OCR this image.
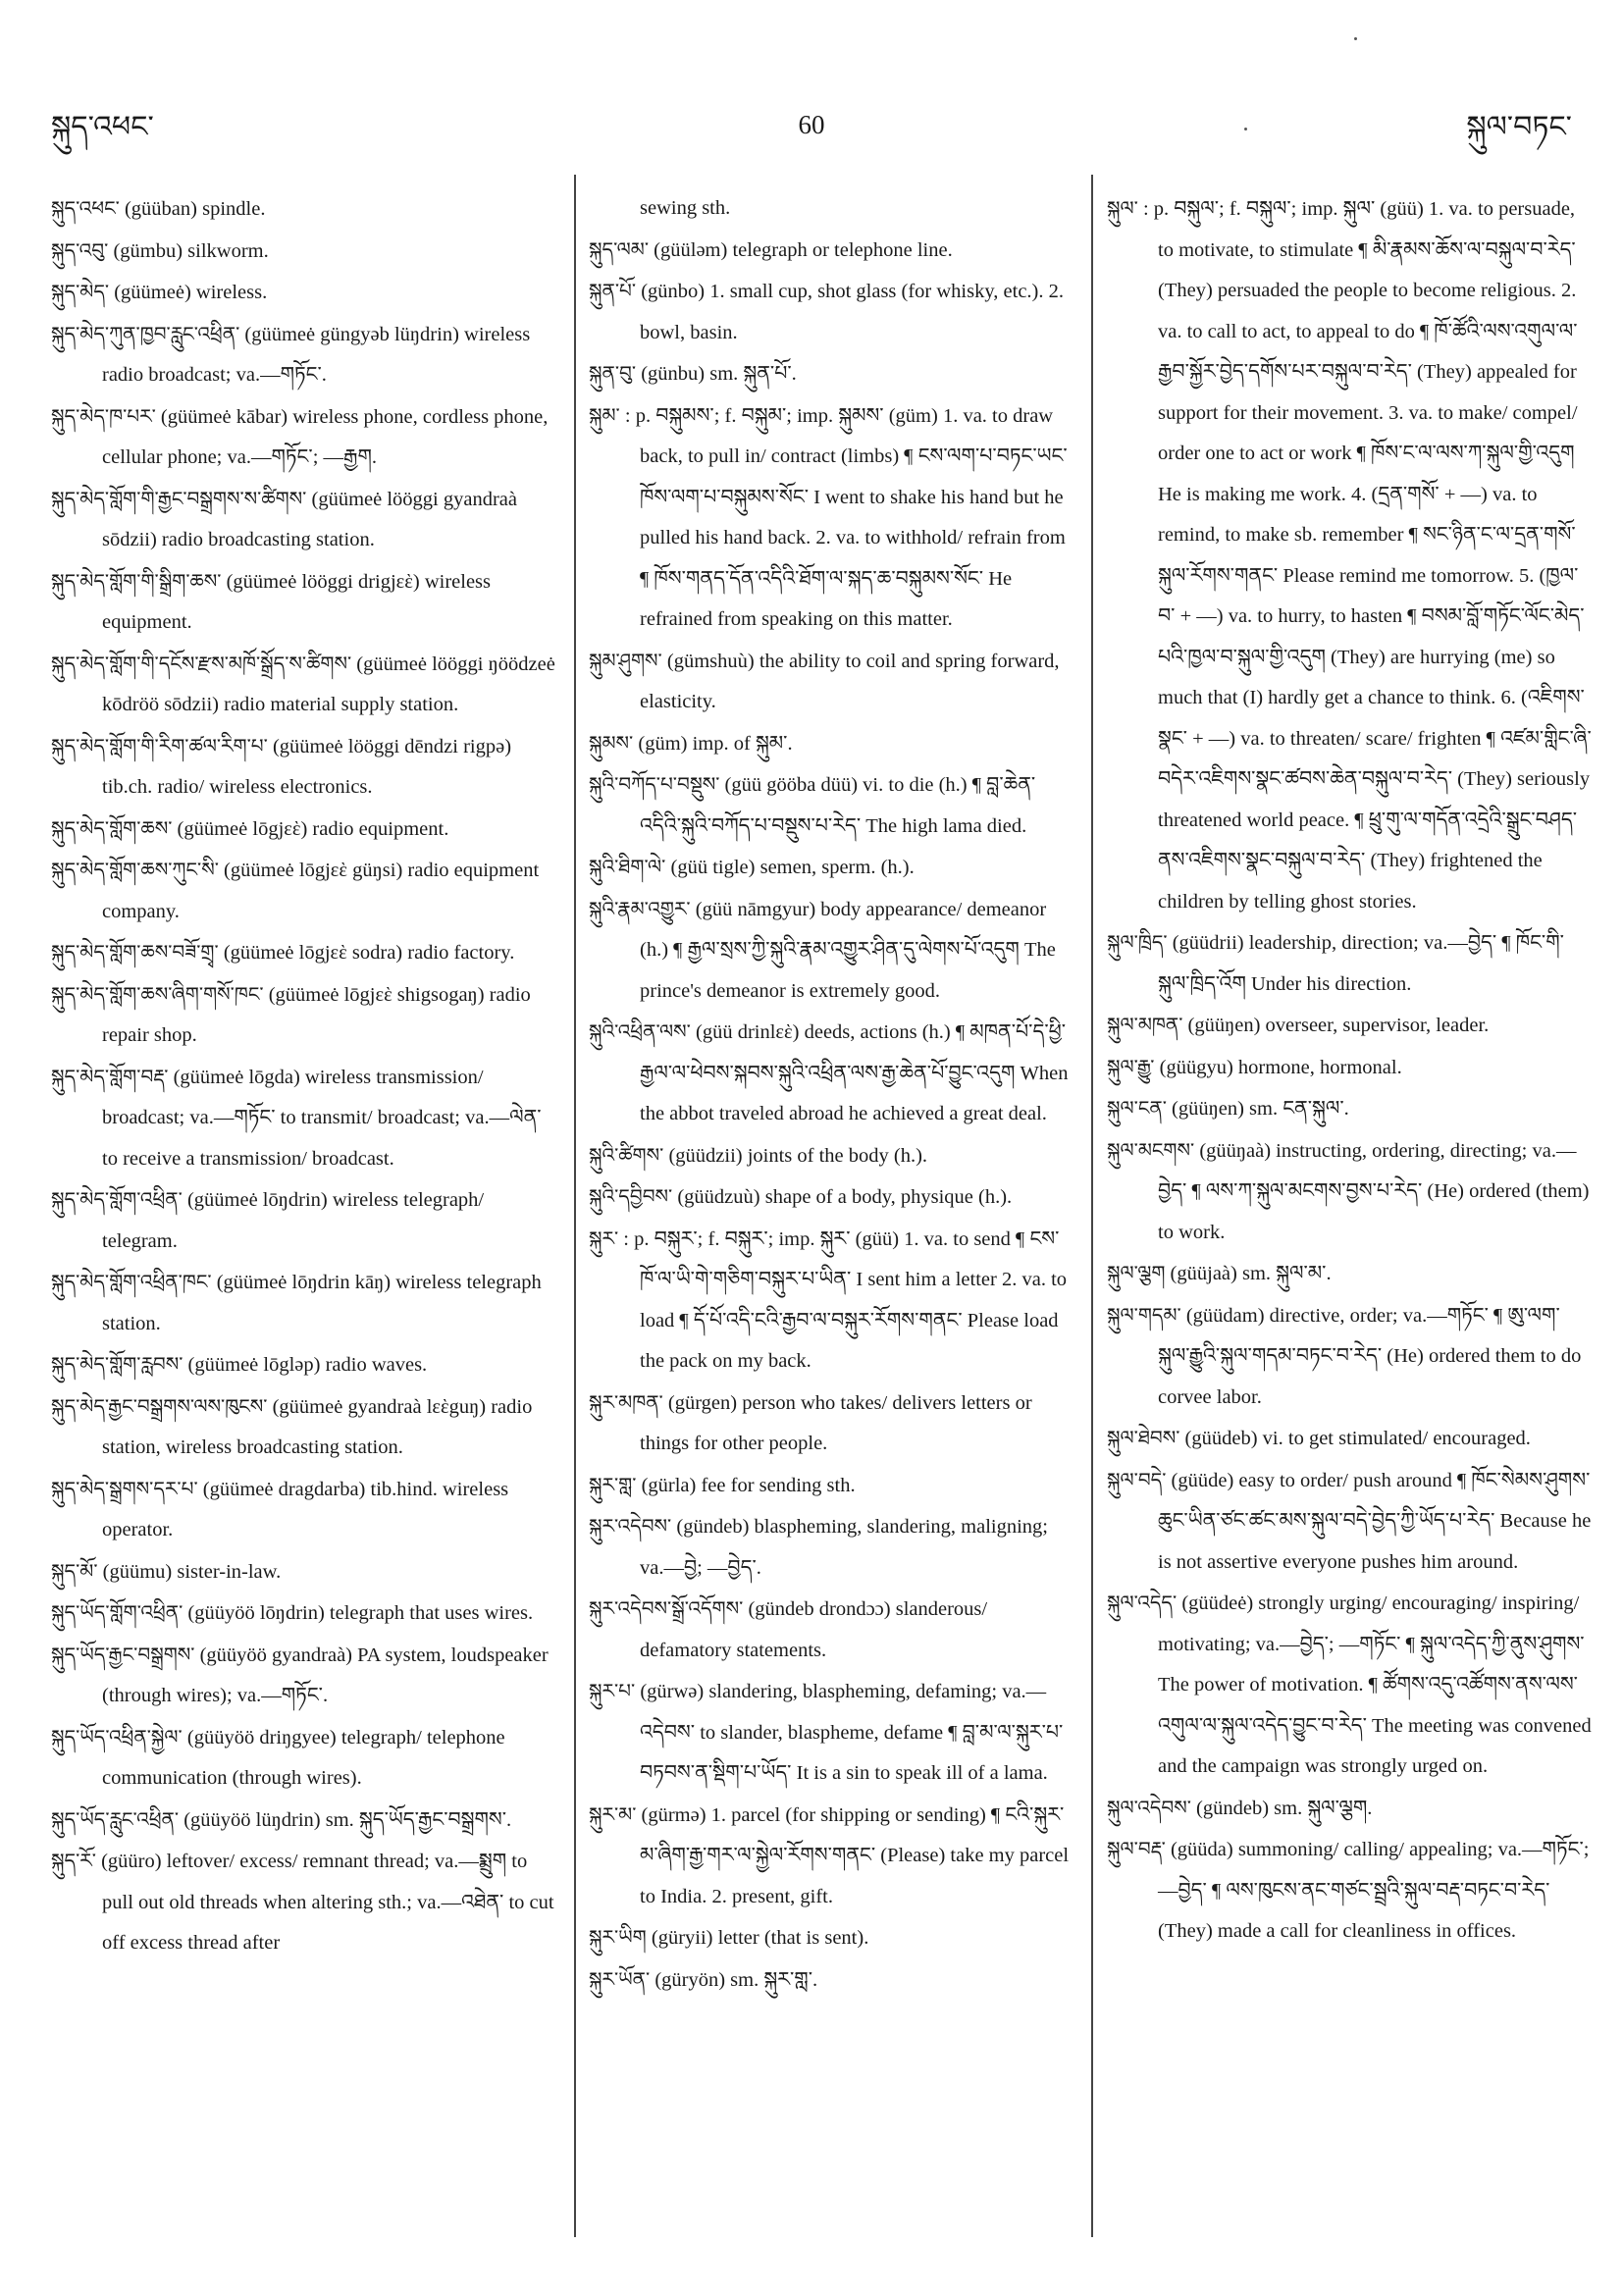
སྐུད་འཕང་	60	སྐུལ་བཏང་

སྐུད་འཕང་ (güüban) spindle.

སྐུད་འབུ་ (gümbu) silkworm.

སྐུད་མེད་ (güümeė) wireless.

སྐུད་མེད་ཀུན་ཁྱབ་རླུང་འཕྲིན་ (güümeė güngyəb lüŋdrin) wireless radio broadcast; va.—གཏོང་.

སྐུད་མེད་ཁ་པར་ (güümeė kābar) wireless phone, cordless phone, cellular phone; va.—གཏོང་; —རྒྱག.

སྐུད་མེད་གློག་གི་རྒྱང་བསྒྲགས་ས་ཚིགས་ (güümeė lööggi gyandraà sōdzii) radio broadcasting station.

སྐུད་མེད་གློག་གི་སྒྲིག་ཆས་ (güümeė lööggi drigjεὲ) wireless equipment.

སྐུད་མེད་གློག་གི་དངོས་རྫས་མཁོ་སྒྲོད་ས་ཚིགས་ (güümeė lööggi ŋöödzeė kōdröö sōdzii) radio material supply station.

སྐུད་མེད་གློག་གི་རིག་ཚལ་རིག་པ་ (güümeė lööggi dēndzi rigpə) tib.ch. radio/ wireless electronics.

སྐུད་མེད་གློག་ཆས་ (güümeė lōgjεὲ) radio equipment.

སྐུད་མེད་གློག་ཆས་ཀུང་སི་ (güümeė lōgjεὲ güŋsi) radio equipment company.

སྐུད་མེད་གློག་ཆས་བཟོ་གྲྭ་ (güümeė lōgjεὲ sodra) radio factory.

སྐུད་མེད་གློག་ཆས་ཞིག་གསོ་ཁང་ (güümeė lōgjεὲ shigsogaŋ) radio repair shop.

སྐུད་མེད་གློག་བརྡ་ (güümeė lōgda) wireless transmission/ broadcast; va.—གཏོང་ to transmit/ broadcast; va.—ལེན་ to receive a transmission/ broadcast.

སྐུད་མེད་གློག་འཕྲིན་ (güümeė lōŋdrin) wireless telegraph/ telegram.

སྐུད་མེད་གློག་འཕྲིན་ཁང་ (güümeė lōŋdrin kāŋ) wireless telegraph station.

སྐུད་མེད་གློག་རླབས་ (güümeė lōgləp) radio waves.

སྐུད་མེད་རྒྱང་བསྒྲགས་ལས་ཁུངས་ (güümeė gyandraà lεὲguŋ) radio station, wireless broadcasting station.

སྐུད་མེད་སྒྲགས་དར་པ་ (güümeė dragdarba) tib.hind. wireless operator.

སྐུད་མོ་ (güümu) sister-in-law.

སྐུད་ཡོད་གློག་འཕྲིན་ (güüyöö lōŋdrin) telegraph that uses wires.

སྐུད་ཡོད་རྒྱང་བསྒྲགས་ (güüyöö gyandraà) PA system, loudspeaker (through wires); va.—གཏོང་.

སྐུད་ཡོད་འཕྲིན་སྐྱེལ་ (güüyöö driŋgyee) telegraph/ telephone communication (through wires).

སྐུད་ཡོད་རླུང་འཕྲིན་ (güüyöö lüŋdrin) sm. སྐུད་ཡོད་རྒྱང་བསྒྲགས་.

སྐུད་རོ་ (güüro) leftover/ excess/ remnant thread; va.—སྨྲུག to pull out old threads when altering sth.; va.—འཐེན་ to cut off excess thread after

sewing sth.

སྐུད་ལམ་ (güüləm) telegraph or telephone line.

སྐུན་པོ་ (günbo) 1. small cup, shot glass (for whisky, etc.). 2. bowl, basin.

སྐུན་བུ་ (günbu) sm. སྐུན་པོ་.

སྐུམ་ : p. བསྐུམས་; f. བསྐུམ་; imp. སྐུམས་ (güm) 1. va. to draw back, to pull in/ contract (limbs) ¶ ངས་ལག་པ་བཏང་ཡང་ཁོས་ལག་པ་བསྐུམས་སོང་ I went to shake his hand but he pulled his hand back. 2. va. to withhold/ refrain from ¶ ཁོས་གནད་དོན་འདིའི་ཐོག་ལ་སྐད་ཆ་བསྐུམས་སོང་ He refrained from speaking on this matter.

སྐུམ་ཤུགས་ (gümshuù) the ability to coil and spring forward, elasticity.

སྐུམས་ (güm) imp. of སྐུམ་.

སྐུའི་བཀོད་པ་བསྡུས་ (güü gööba düü) vi. to die (h.) ¶ བླ་ཆེན་འདིའི་སྐུའི་བཀོད་པ་བསྡུས་པ་རེད་ The high lama died.

སྐུའི་ཐིག་ལེ་ (güü tigle) semen, sperm. (h.).

སྐུའི་རྣམ་འགྱུར་ (güü nāmgyur) body appearance/ demeanor (h.) ¶ རྒྱལ་སྲས་ཀྱི་སྐུའི་རྣམ་འགྱུར་ཤིན་དུ་ལེགས་པོ་འདུག The prince's demeanor is extremely good.

སྐུའི་འཕྲིན་ལས་ (güü drinlεὲ) deeds, actions (h.) ¶ མཁན་པོ་དེ་ཕྱི་རྒྱལ་ལ་ཕེབས་སྐབས་སྐུའི་འཕྲིན་ལས་རྒྱ་ཆེན་པོ་བྱུང་འདུག When the abbot traveled abroad he achieved a great deal.

སྐུའི་ཚིགས་ (güüdzii) joints of the body (h.).

སྐུའི་དབྱིབས་ (güüdzuù) shape of a body, physique (h.).

སྐུར་ : p. བསྐུར་; f. བསྐུར་; imp. སྐུར་ (güü) 1. va. to send ¶ ངས་ཁོ་ལ་ཡི་གེ་གཅིག་བསྐུར་པ་ཡིན་ I sent him a letter 2. va. to load ¶ དོ་པོ་འདི་ངའི་རྒྱབ་ལ་བསྐུར་རོགས་གནང་ Please load the pack on my back.

སྐུར་མཁན་ (gürgen) person who takes/ delivers letters or things for other people.

སྐུར་གླ་ (gürla) fee for sending sth.

སྐུར་འདེབས་ (gündeb) blaspheming, slandering, maligning; va.—བྱེ; —བྱེད་.

སྐུར་འདེབས་སྒྲོ་འདོགས་ (gündeb drondɔɔ) slanderous/ defamatory statements.

སྐུར་པ་ (gürwə) slandering, blaspheming, defaming; va.—འདེབས་ to slander, blaspheme, defame ¶ བླ་མ་ལ་སྐུར་པ་བཏབས་ན་སྡིག་པ་ཡོད་ It is a sin to speak ill of a lama.

སྐུར་མ་ (gürmə) 1. parcel (for shipping or sending) ¶ ངའི་སྐུར་མ་ཞིག་རྒྱ་གར་ལ་སྐྱེལ་རོགས་གནང་ (Please) take my parcel to India. 2. present, gift.

སྐུར་ཡིག (güryii) letter (that is sent).

སྐུར་ཡོན་ (güryön) sm. སྐུར་གླ་.

སྐུལ་ : p. བསྐུལ་; f. བསྐུལ་; imp. སྐུལ་ (güü) 1. va. to persuade, to motivate, to stimulate ¶ མི་རྣམས་ཆོས་ལ་བསྐུལ་བ་རེད་ (They) persuaded the people to become religious. 2. va. to call to act, to appeal to do ¶ ཁོ་ཚོའི་ལས་འགུལ་ལ་རྒྱབ་སྐྱོར་བྱེད་དགོས་པར་བསྐུལ་བ་རེད་ (They) appealed for support for their movement. 3. va. to make/ compel/ order one to act or work ¶ ཁོས་ང་ལ་ལས་ཀ་སྐུལ་གྱི་འདུག He is making me work. 4. (དྲན་གསོ་ + —) va. to remind, to make sb. remember ¶ སང་ཉིན་ང་ལ་དྲན་གསོ་སྐུལ་རོགས་གནང་ Please remind me tomorrow. 5. (ཁྱལ་བ་ + —) va. to hurry, to hasten ¶ བསམ་བློ་གཏོང་ལོང་མེད་པའི་ཁྱལ་བ་སྐུལ་གྱི་འདུག (They) are hurrying (me) so much that (I) hardly get a chance to think. 6. (འཇིགས་སྣང་ + —) va. to threaten/ scare/ frighten ¶ འཛམ་གླིང་ཞི་བདེར་འཇིགས་སྣང་ཚབས་ཆེན་བསྐུལ་བ་རེད་ (They) seriously threatened world peace. ¶ ཕྲུ་གུ་ལ་གདོན་འདྲེའི་སྒྲུང་བཤད་ནས་འཇིགས་སྣང་བསྐུལ་བ་རེད་ (They) frightened the children by telling ghost stories.

སྐུལ་ཁྲིད་ (güüdrii) leadership, direction; va.—བྱེད་ ¶ ཁོང་གི་སྐུལ་ཁྲིད་འོག Under his direction.

སྐུལ་མཁན་ (güüŋen) overseer, supervisor, leader.

སྐུལ་རྒྱུ་ (güügyu) hormone, hormonal.

སྐུལ་ངན་ (güüŋen) sm. ངན་སྐུལ་.

སྐུལ་མངགས་ (güüŋaà) instructing, ordering, directing; va.—བྱེད་ ¶ ལས་ཀ་སྐུལ་མངགས་བྱས་པ་རེད་ (He) ordered (them) to work.

སྐུལ་ལྕག (güüjaà) sm. སྐུལ་མ་.

སྐུལ་གདམ་ (güüdam) directive, order; va.—གཏོང་ ¶ ཨུ་ལག་སྐུལ་རྒྱུའི་སྐུལ་གདམ་བཏང་བ་རེད་ (He) ordered them to do corvee labor.

སྐུལ་ཐེབས་ (güüdeb) vi. to get stimulated/ encouraged.

སྐུལ་བདེ་ (güüde) easy to order/ push around ¶ ཁོང་སེམས་ཤུགས་ཆུང་ཡིན་ཙང་ཚང་མས་སྐུལ་བདེ་བྱེད་ཀྱི་ཡོད་པ་རེད་ Because he is not assertive everyone pushes him around.

སྐུལ་འདེད་ (güüdeė) strongly urging/ encouraging/ inspiring/ motivating; va.—བྱེད་; —གཏོང་ ¶ སྐུལ་འདེད་ཀྱི་ནུས་ཤུགས་ The power of motivation. ¶ ཚོགས་འདུ་འཚོགས་ནས་ལས་འགུལ་ལ་སྐུལ་འདེད་བྱུང་བ་རེད་ The meeting was convened and the campaign was strongly urged on.

སྐུལ་འདེབས་ (gündeb) sm. སྐུལ་ལྕག.

སྐུལ་བརྡ་ (güüda) summoning/ calling/ appealing; va.—གཏོང་; —བྱེད་ ¶ ལས་ཁུངས་ནང་གཙང་སྦྲའི་སྐུལ་བརྡ་བཏང་བ་རེད་ (They) made a call for cleanliness in offices.
